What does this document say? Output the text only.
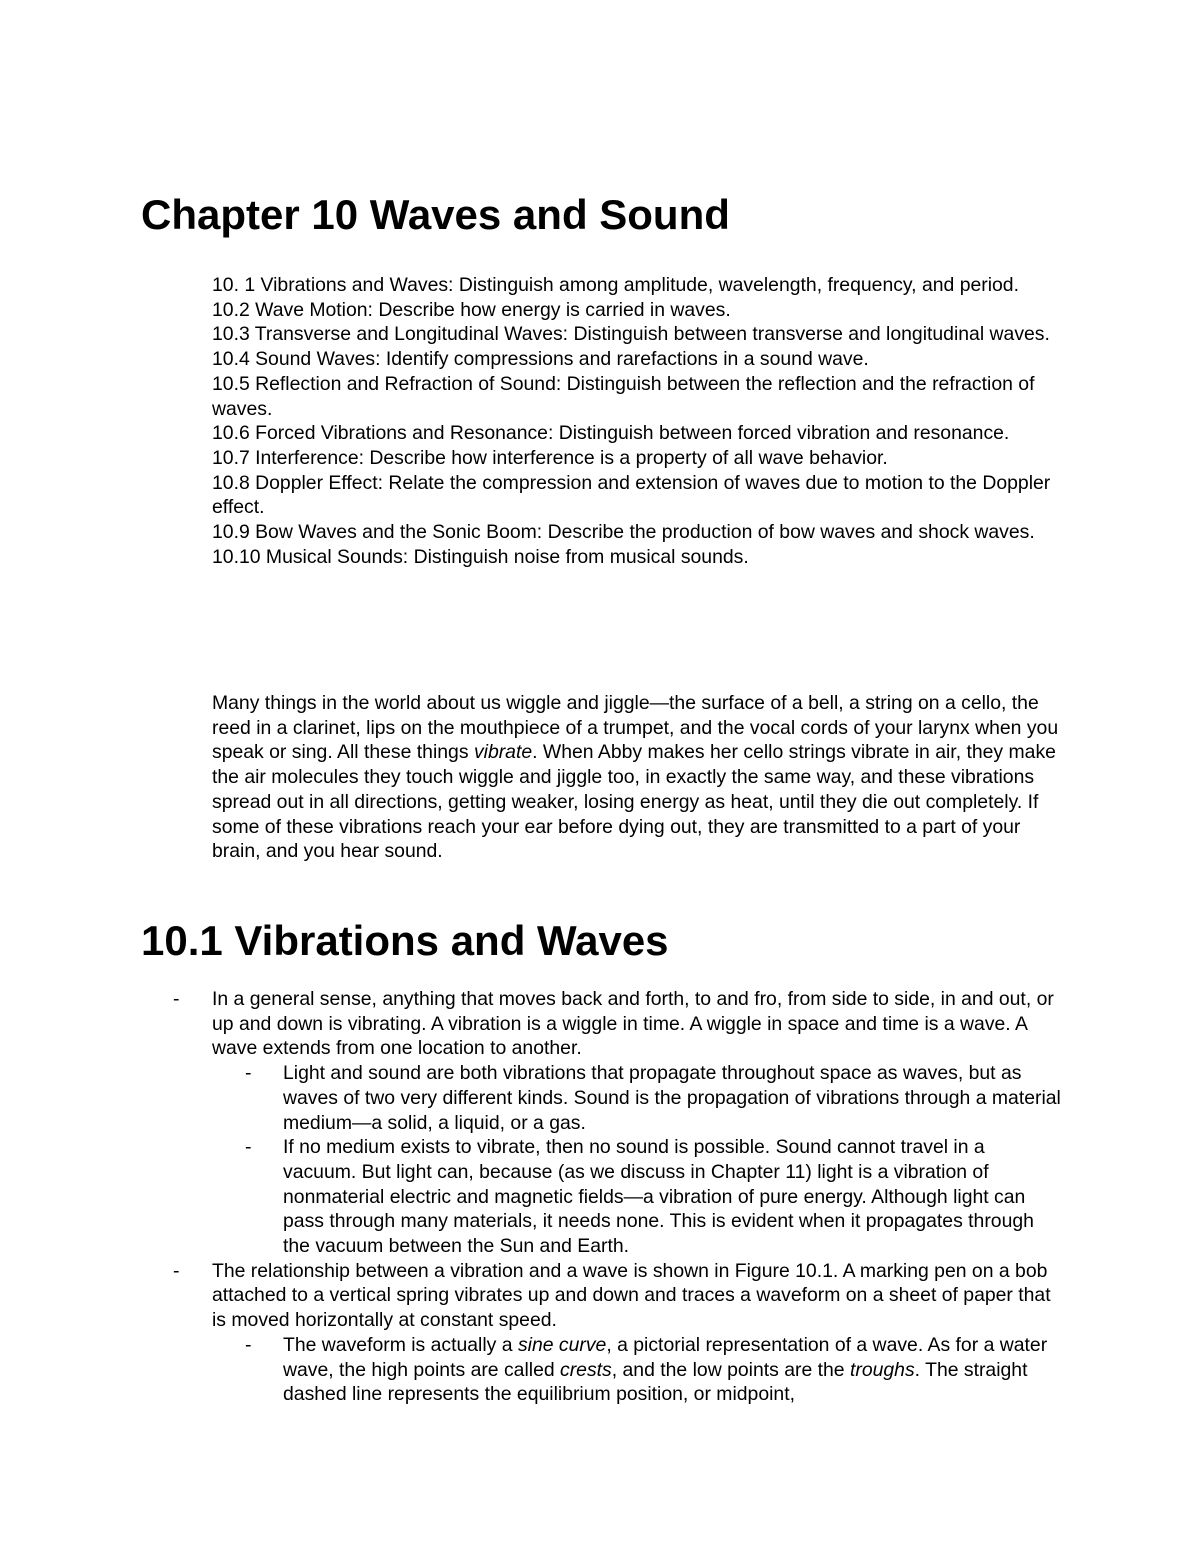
Chapter 10 Waves and Sound
10. 1 Vibrations and Waves: Distinguish among amplitude, wavelength, frequency, and period.
10.2 Wave Motion: Describe how energy is carried in waves.
10.3 Transverse and Longitudinal Waves: Distinguish between transverse and longitudinal waves.
10.4 Sound Waves: Identify compressions and rarefactions in a sound wave.
10.5 Reflection and Refraction of Sound: Distinguish between the reflection and the refraction of waves.
10.6 Forced Vibrations and Resonance: Distinguish between forced vibration and resonance.
10.7 Interference: Describe how interference is a property of all wave behavior.
10.8 Doppler Effect: Relate the compression and extension of waves due to motion to the Doppler effect.
10.9 Bow Waves and the Sonic Boom: Describe the production of bow waves and shock waves.
10.10 Musical Sounds: Distinguish noise from musical sounds.

Many things in the world about us wiggle and jiggle—the surface of a bell, a string on a cello, the reed in a clarinet, lips on the mouthpiece of a trumpet, and the vocal cords of your larynx when you speak or sing. All these things vibrate. When Abby makes her cello strings vibrate in air, they make the air molecules they touch wiggle and jiggle too, in exactly the same way, and these vibrations spread out in all directions, getting weaker, losing energy as heat, until they die out completely. If some of these vibrations reach your ear before dying out, they are transmitted to a part of your brain, and you hear sound.

10.1 Vibrations and Waves
- In a general sense, anything that moves back and forth, to and fro, from side to side, in and out, or up and down is vibrating. A vibration is a wiggle in time. A wiggle in space and time is a wave. A wave extends from one location to another.
- Light and sound are both vibrations that propagate throughout space as waves, but as waves of two very different kinds. Sound is the propagation of vibrations through a material medium—a solid, a liquid, or a gas.
- If no medium exists to vibrate, then no sound is possible. Sound cannot travel in a vacuum. But light can, because (as we discuss in Chapter 11) light is a vibration of nonmaterial electric and magnetic fields—a vibration of pure energy. Although light can pass through many materials, it needs none. This is evident when it propagates through the vacuum between the Sun and Earth.
- The relationship between a vibration and a wave is shown in Figure 10.1. A marking pen on a bob attached to a vertical spring vibrates up and down and traces a waveform on a sheet of paper that is moved horizontally at constant speed.
- The waveform is actually a sine curve, a pictorial representation of a wave. As for a water wave, the high points are called crests, and the low points are the troughs. The straight dashed line represents the equilibrium position, or midpoint,
